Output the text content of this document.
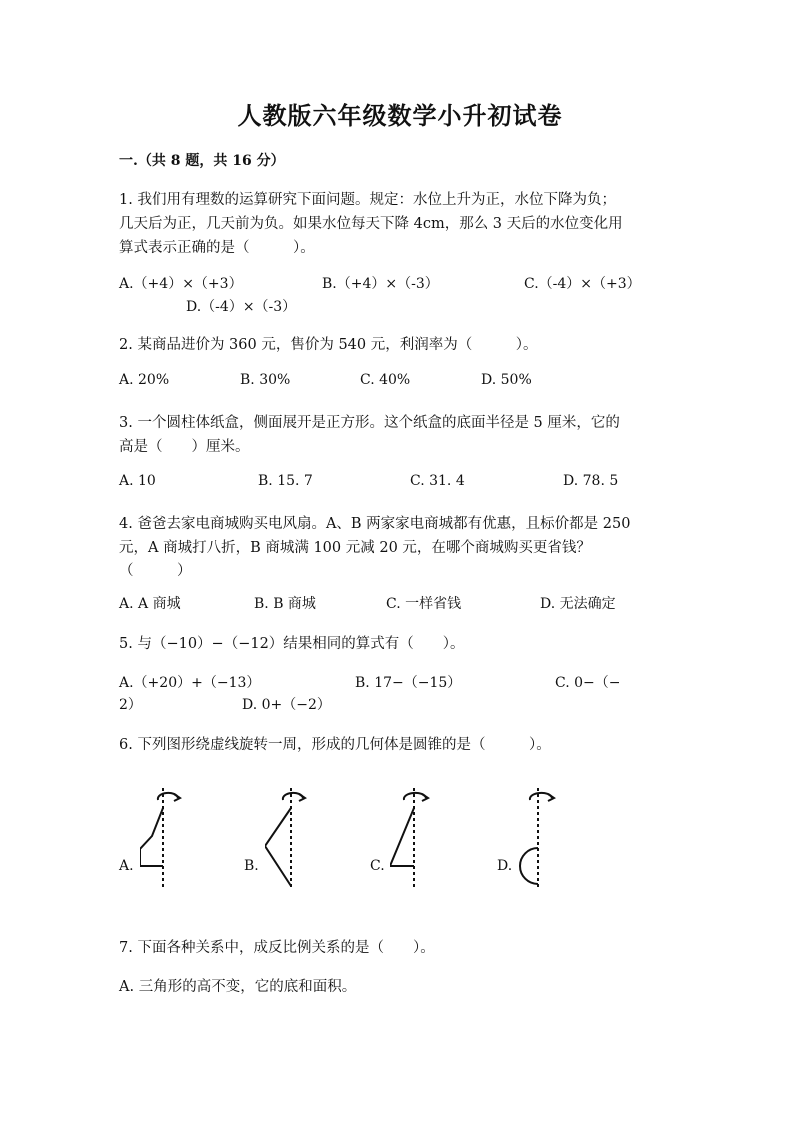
人教版六年级数学小升初试卷
一.（共 8 题，共 16 分）
1. 我们用有理数的运算研究下面问题。规定：水位上升为正，水位下降为负；
几天后为正，几天前为负。如果水位每天下降 4cm，那么 3 天后的水位变化用
算式表示正确的是（　　　）。
A.（+4）×（+3）	B.（+4）×（-3）	C.（-4）×（+3）
D.（-4）×（-3）
2. 某商品进价为 360 元，售价为 540 元，利润率为（　　　）。
A. 20%	B. 30%	C. 40%	D. 50%
3. 一个圆柱体纸盒，侧面展开是正方形。这个纸盒的底面半径是 5 厘米，它的
高是（　　）厘米。
A. 10	B. 15. 7	C. 31. 4	D. 78. 5
4. 爸爸去家电商城购买电风扇。A、B 两家家电商城都有优惠，且标价都是 250
元，A 商城打八折，B 商城满 100 元减 20 元，在哪个商城购买更省钱？
（　　　）
A. A 商城	B. B 商城	C. 一样省钱	D. 无法确定
5. 与（−10）−（−12）结果相同的算式有（　　）。
A.（+20）+（−13）	B. 17−（−15）	C. 0−（−
2）	D. 0+（−2）
6. 下列图形绕虚线旋转一周，形成的几何体是圆锥的是（　　　）。
A.	B.	C.	D.
7. 下面各种关系中，成反比例关系的是（　　）。
A. 三角形的高不变，它的底和面积。
